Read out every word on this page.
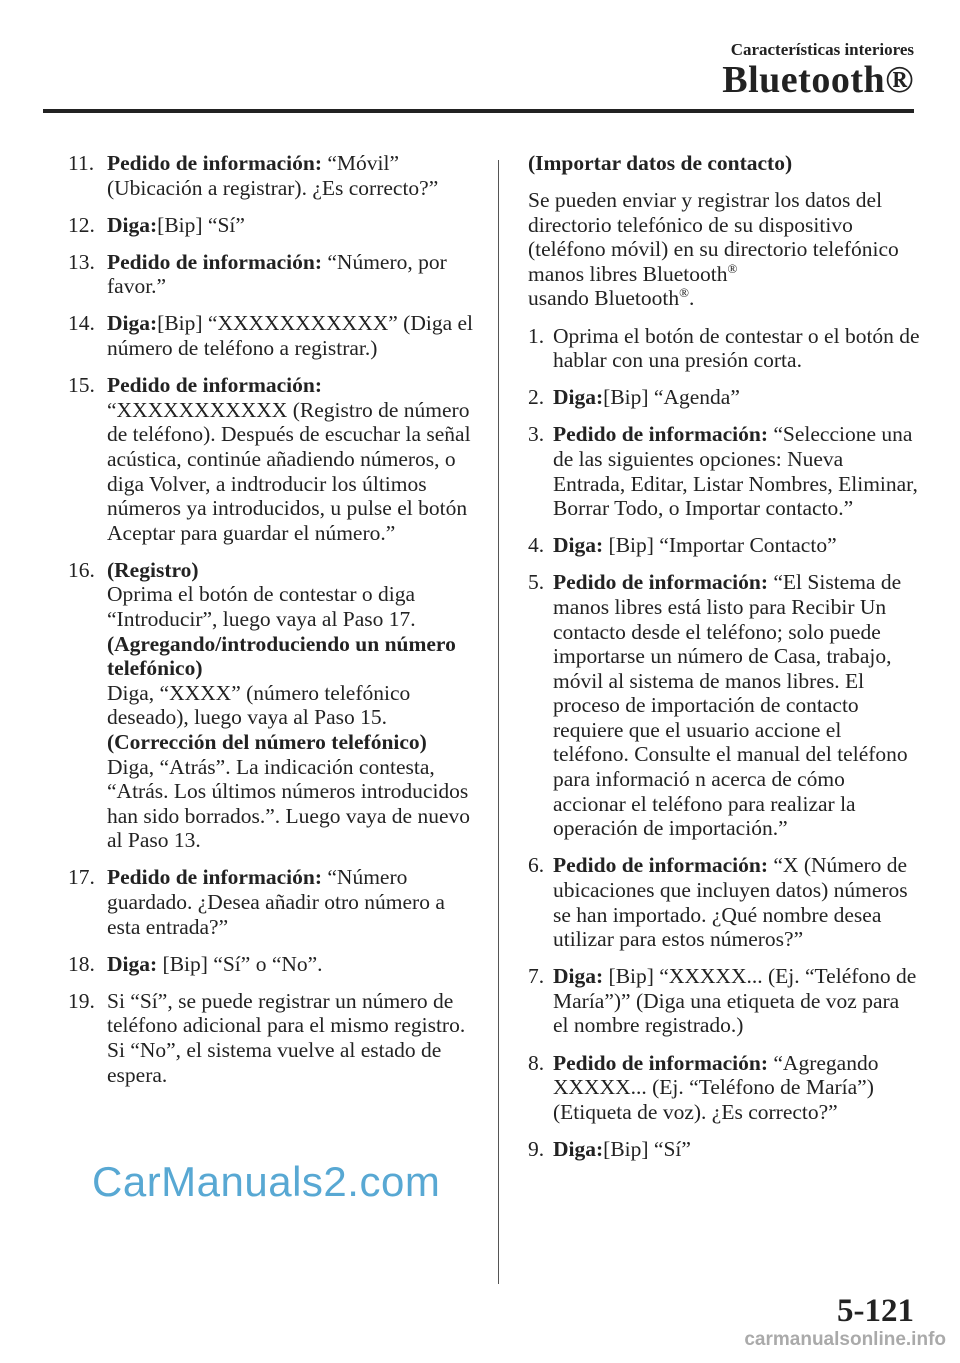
Características interiores
Bluetooth®
11. Pedido de información: “Móvil” (Ubicación a registrar). ¿Es correcto?”
12. Diga:[Bip] “Sí”
13. Pedido de información: “Número, por favor.”
14. Diga:[Bip] “XXXXXXXXXXX” (Diga el número de teléfono a registrar.)
15. Pedido de información: “XXXXXXXXXXX (Registro de número de teléfono). Después de escuchar la señal acústica, continúe añadiendo números, o diga Volver, a indtroducir los últimos números ya introducidos, u pulse el botón Aceptar para guardar el número.”
16. (Registro)

Oprima el botón de contestar o diga “Introducir”, luego vaya al Paso 17.

(Agregando/introduciendo un número telefónico)

Diga, “XXXX” (número telefónico deseado), luego vaya al Paso 15.

(Corrección del número telefónico)

Diga, “Atrás”. La indicación contesta, “Atrás. Los últimos números introducidos han sido borrados.”. Luego vaya de nuevo al Paso 13.

17. Pedido de información: “Número guardado. ¿Desea añadir otro número a esta entrada?”
18. Diga: [Bip] “Sí” o “No”.
19. Si “Sí”, se puede registrar un número de teléfono adicional para el mismo registro.

Si “No”, el sistema vuelve al estado de espera.

(Importar datos de contacto)

Se pueden enviar y registrar los datos del directorio telefónico de su dispositivo (teléfono móvil) en su directorio telefónico manos libres Bluetooth®
usando Bluetooth®.

1. Oprima el botón de contestar o el botón de hablar con una presión corta.
2. Diga:[Bip] “Agenda”
3. Pedido de información: “Seleccione una de las siguientes opciones: Nueva Entrada, Editar, Listar Nombres, Eliminar, Borrar Todo, o Importar contacto.”
4. Diga: [Bip] “Importar Contacto”
5. Pedido de información: “El Sistema de manos libres está listo para Recibir Un contacto desde el teléfono; solo puede importarse un número de Casa, trabajo, móvil al sistema de manos libres. El proceso de importación de contacto requiere que el usuario accione el teléfono. Consulte el manual del teléfono para informació n acerca de cómo accionar el teléfono para realizar la operación de importación.”
6. Pedido de información: “X (Número de ubicaciones que incluyen datos) números se han importado. ¿Qué nombre desea utilizar para estos números?”
7. Diga: [Bip] “XXXXX... (Ej. “Teléfono de María”)” (Diga una etiqueta de voz para el nombre registrado.)
8. Pedido de información: “Agregando XXXXX... (Ej. “Teléfono de María”) (Etiqueta de voz). ¿Es correcto?”
9. Diga:[Bip] “Sí”
5-121
CarManuals2.com
carmanualsonline.info
